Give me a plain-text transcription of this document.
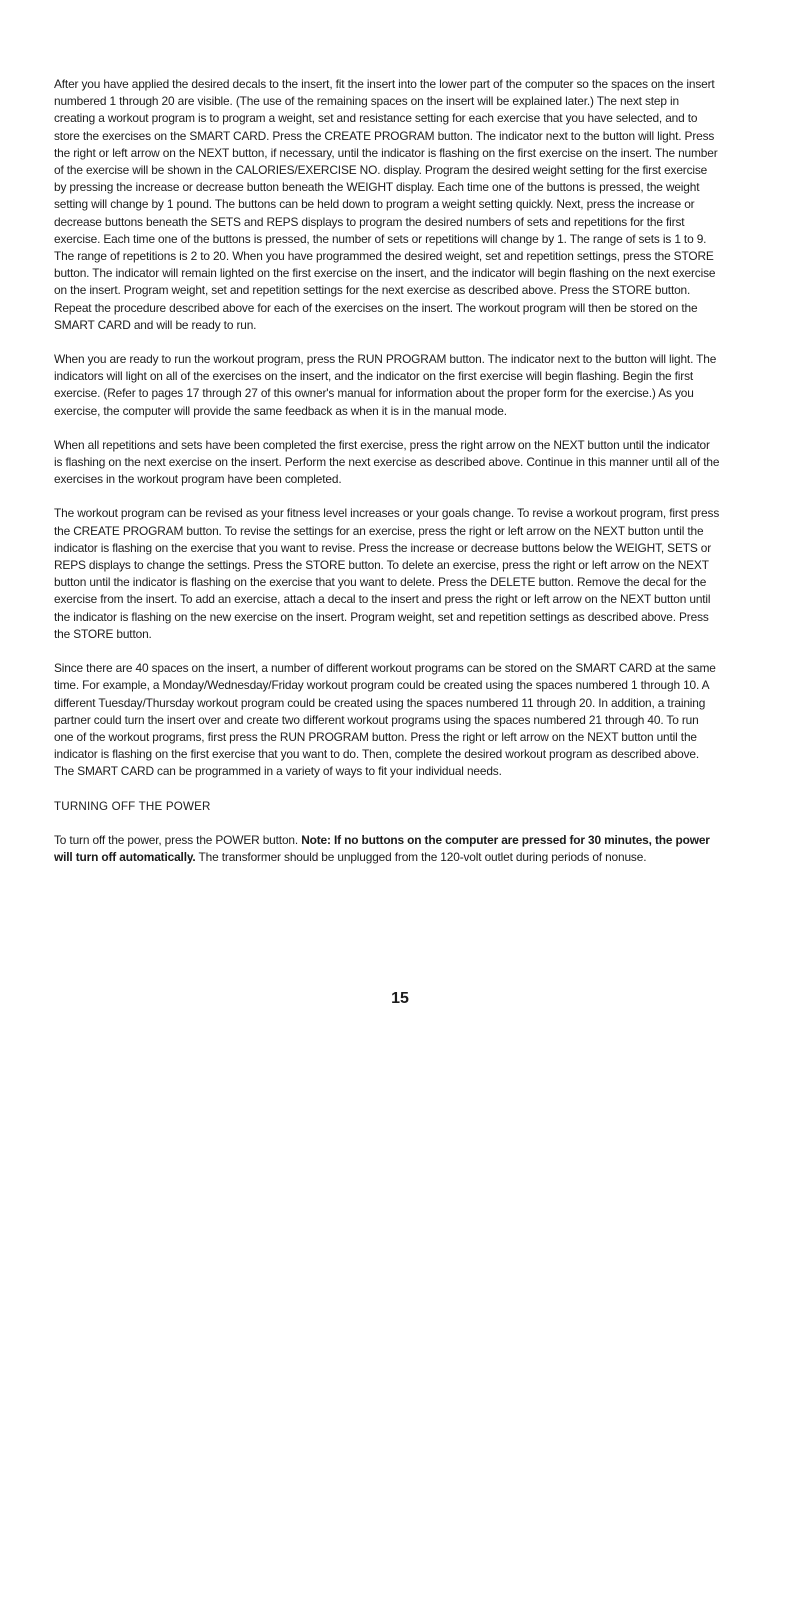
After you have applied the desired decals to the insert, fit the insert into the lower part of the computer so the spaces on the insert numbered 1 through 20 are visible. (The use of the remaining spaces on the insert will be explained later.) The next step in creating a workout program is to program a weight, set and resistance setting for each exercise that you have selected, and to store the exercises on the SMART CARD. Press the CREATE PROGRAM button. The indicator next to the button will light. Press the right or left arrow on the NEXT button, if necessary, until the indicator is flashing on the first exercise on the insert. The number of the exercise will be shown in the CALORIES/EXERCISE NO. display. Program the desired weight setting for the first exercise by pressing the increase or decrease button beneath the WEIGHT display. Each time one of the buttons is pressed, the weight setting will change by 1 pound. The buttons can be held down to program a weight setting quickly. Next, press the increase or decrease buttons beneath the SETS and REPS displays to program the desired numbers of sets and repetitions for the first exercise. Each time one of the buttons is pressed, the number of sets or repetitions will change by 1. The range of sets is 1 to 9. The range of repetitions is 2 to 20. When you have programmed the desired weight, set and repetition settings, press the STORE button. The indicator will remain lighted on the first exercise on the insert, and the indicator will begin flashing on the next exercise on the insert. Program weight, set and repetition settings for the next exercise as described above. Press the STORE button. Repeat the procedure described above for each of the exercises on the insert. The workout program will then be stored on the SMART CARD and will be ready to run.

When you are ready to run the workout program, press the RUN PROGRAM button. The indicator next to the button will light. The indicators will light on all of the exercises on the insert, and the indicator on the first exercise will begin flashing. Begin the first exercise. (Refer to pages 17 through 27 of this owner's manual for information about the proper form for the exercise.) As you exercise, the computer will provide the same feedback as when it is in the manual mode.

When all repetitions and sets have been completed the first exercise, press the right arrow on the NEXT button until the indicator is flashing on the next exercise on the insert. Perform the next exercise as described above. Continue in this manner until all of the exercises in the workout program have been completed.

The workout program can be revised as your fitness level increases or your goals change. To revise a workout program, first press the CREATE PROGRAM button. To revise the settings for an exercise, press the right or left arrow on the NEXT button until the indicator is flashing on the exercise that you want to revise. Press the increase or decrease buttons below the WEIGHT, SETS or REPS displays to change the settings. Press the STORE button. To delete an exercise, press the right or left arrow on the NEXT button until the indicator is flashing on the exercise that you want to delete. Press the DELETE button. Remove the decal for the exercise from the insert. To add an exercise, attach a decal to the insert and press the right or left arrow on the NEXT button until the indicator is flashing on the new exercise on the insert. Program weight, set and repetition settings as described above. Press the STORE button.

Since there are 40 spaces on the insert, a number of different workout programs can be stored on the SMART CARD at the same time. For example, a Monday/Wednesday/Friday workout program could be created using the spaces numbered 1 through 10. A different Tuesday/Thursday workout program could be created using the spaces numbered 11 through 20. In addition, a training partner could turn the insert over and create two different workout programs using the spaces numbered 21 through 40. To run one of the workout programs, first press the RUN PROGRAM button. Press the right or left arrow on the NEXT button until the indicator is flashing on the first exercise that you want to do. Then, complete the desired workout program as described above. The SMART CARD can be programmed in a variety of ways to fit your individual needs.

TURNING OFF THE POWER

To turn off the power, press the POWER button. Note: If no buttons on the computer are pressed for 30 minutes, the power will turn off automatically. The transformer should be unplugged from the 120-volt outlet during periods of nonuse.

15
